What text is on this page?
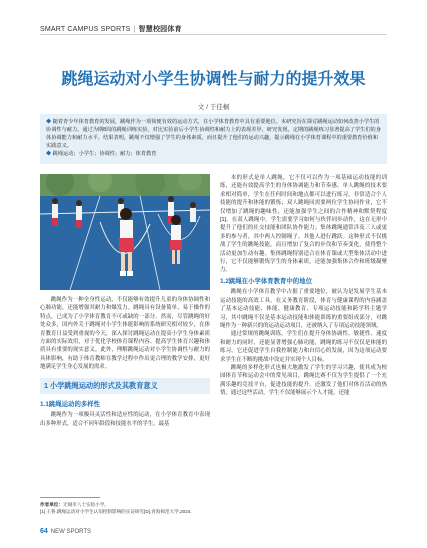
SMART CAMPUS SPORTS | 智慧校园体育
跳绳运动对小学生协调性与耐力的提升效果
文 / 于佳桐
◆ 随着青少年体育教育的发展，跳绳作为一项简便有效的运动方式，在小学体育教育中具有重要地位。本研究旨在探讨跳绳运动如何改善小学生的协调性与耐力。通过为期8周的跳绳训练实验，对比实验前后小学生协调性和耐力上的表现差异，研究发现，定期的跳绳练习显著提高了学生们的身体协调能力和耐力水平。结果表明，跳绳不仅增强了学生的身体素质，而且提升了他们的运动兴趣，提示跳绳在小学体育课程中的重要教育价值和实践意义。
◆ 跳绳运动；小学生；协调性；耐力；体育教育

跳绳作为一种全身性运动，不仅能够有效提升儿童的身体协调性和心肺功能，还能增强其耐力和爆发力。跳绳具有设备简单、易于操作的特点，已成为了小学体育教育不可或缺的一部分。然而，尽管跳绳的好处众多，国内外关于跳绳对小学生体能影响的系统研究相对较少，在体育教育日益受到重视的今天，深入探讨跳绳运动在提高小学生身体素质方面的实际效用，对于优化学校体育课程内容、提高学生体育兴趣和体质具有重要的现实意义。此外，理解跳绳运动对小学生协调性与耐力的具体影响，有助于体育教师在教学过程中作出更合理的教学安排，更好地满足学生身心发展的需求。

1 小学跳绳运动的形式及其教育意义
1.1跳绳运动的多样性

跳绳作为一项极具灵活性和适应性的运动，在小学体育教育中表现出多种形式，适合不同年龄段和技能水平的学生。最基

作者单位：无锡市八士实验小学。
[1] 王鲁.跳绳运动对小学生认知控制影响的实证研究[D].青海师范大学,2024.

本的形式是单人跳绳，它不仅可以作为一项基础运动技能的训练，还能有效提高学生的身体协调能力和节奏感。单人跳绳的技术要求相对简单，学生在任何时间和地点都可以进行练习，非常适合个人技能的提升和体能的锻炼；双人跳绳同需要两位学生协同作业，它不仅增加了跳绳的趣味性，还能加强学生之间的合作精神和默契程度[1]。在双人跳绳中，学生需要学习如何与伙伴同步动作，这在无形中提升了他们的社交技能和团队协作能力；集体跳绳通常涉及三人或更多的参与者，其中两人控制绳子，其他人进行跳跃。这种形式不仅挑战了学生的跳绳技能，而且增加了复合的步伐和节奏变化，使得整个活动更加生动有趣。集体跳绳特别适合在体育课或大型集体活动中进行，它不仅能够锻炼学生的身体素质，还能加强集体合作和班级凝聚力。

1.2跳绳在小学体育教育中的地位

跳绳在小学体育教学中占据了重要地位，被认为是发展学生基本运动技能的高效工具。在义务教育阶段，体育与健康课程的内容涵盖了基本运动技能、体能、健康教育、专项运动技能和跨学科主题学习，其中跳绳不仅是基本运动技能和体能训练的重要组成部分，对跳绳作为一种新兴的的运动运动项目，还被纳入了专项运动技能领域。

通过常规的跳绳训练，学生们在提升身体协调性、敏捷性、速度和耐力的同时，还能显著增强心肺功能，跳绳的练习不仅仅是体能的练习，它还促进学生自我控制能力和自信心的发展，因为这项运动要求学生在不断的挑战中设定并实现个人目标。

跳绳的多样化形式也极大地激发了学生的学习兴趣，使其成为校园体育节和运动会中的常见项目，跳绳比赛不仅为学生提供了一个充满乐趣的竞技平台，促进技能的提升，还激发了他们对体育活动的热情，通过这些活动，学生不仅能够展示个人才能，还能

64 NEW SPORTS
